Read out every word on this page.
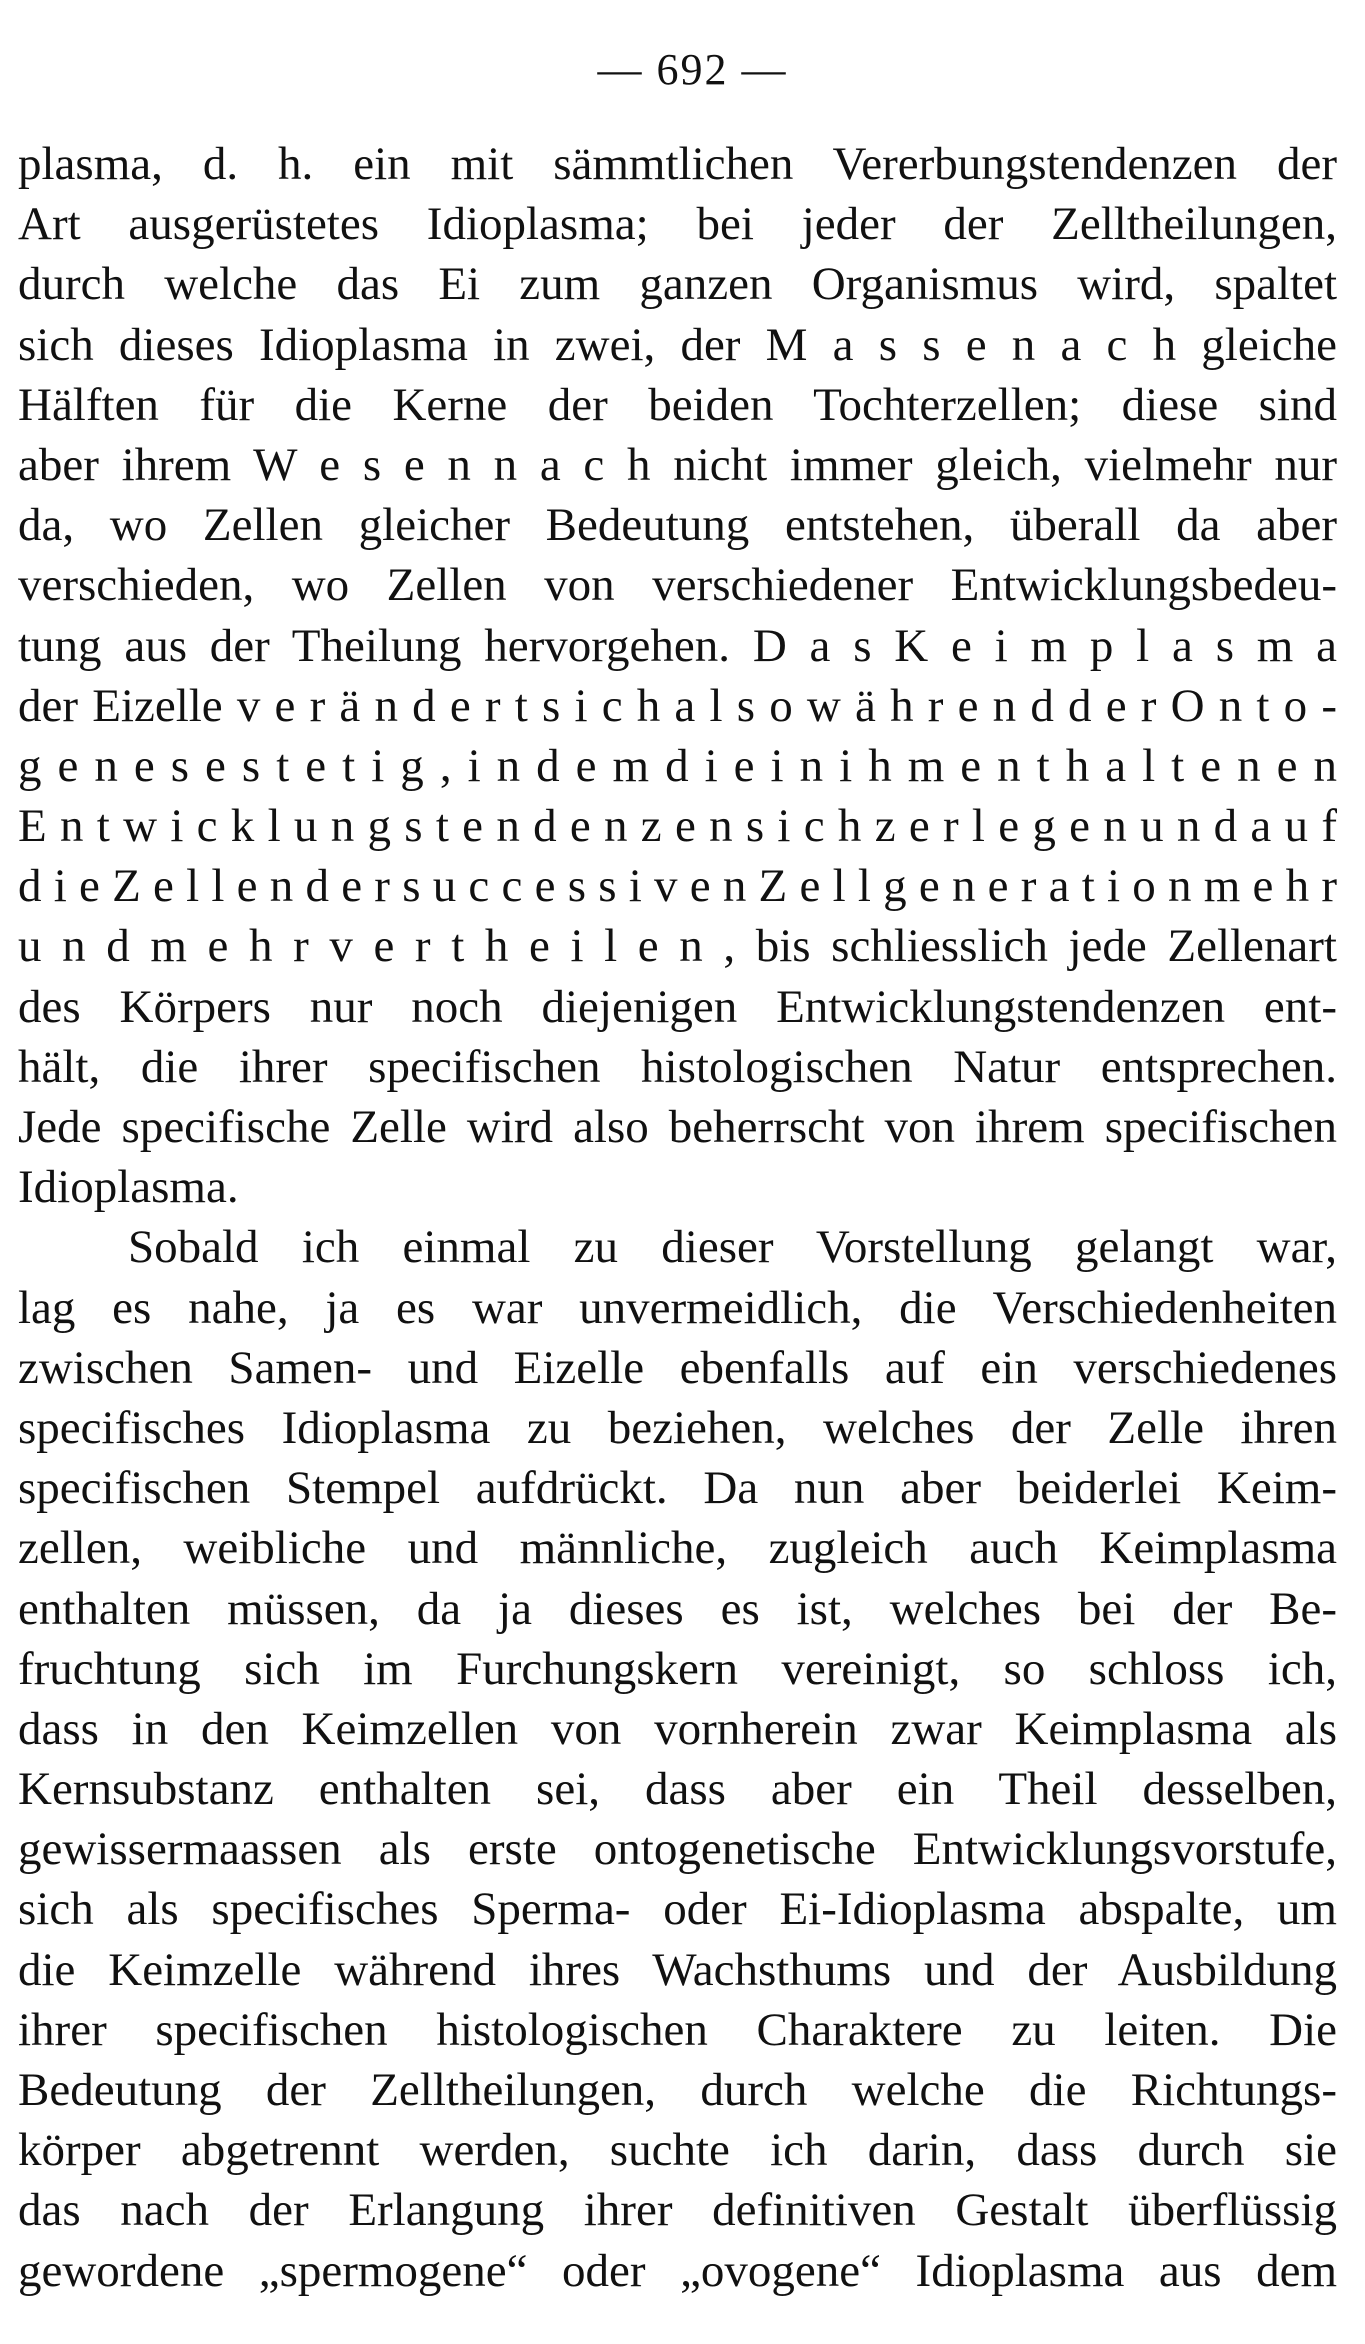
— 692 —
plasma, d. h. ein mit sämmtlichen Vererbungstendenzen der
Art ausgerüstetes Idioplasma; bei jeder der Zelltheilungen,
durch welche das Ei zum ganzen Organismus wird, spaltet
sich dieses Idioplasma in zwei, der M a s s e n a c h gleiche
Hälften für die Kerne der beiden Tochterzellen; diese sind
aber ihrem W e s e n n a c h nicht immer gleich, vielmehr nur
da, wo Zellen gleicher Bedeutung entstehen, überall da aber
verschieden, wo Zellen von verschiedener Entwicklungsbedeu-
tung aus der Theilung hervorgehen. D a s K e i m p l a s m a
der Eizelle v e r ä n d e r t s i c h a l s o w ä h r e n d d e r O n t o -
g e n e s e s t e t i g , i n d e m d i e i n i h m e n t h a l t e n e n
E n t w i c k l u n g s t e n d e n z e n s i c h z e r l e g e n u n d a u f
d i e Z e l l e n d e r s u c c e s s i v e n Z e l l g e n e r a t i o n m e h r
u n d m e h r v e r t h e i l e n , bis schliesslich jede Zellenart
des Körpers nur noch diejenigen Entwicklungstendenzen ent-
hält, die ihrer specifischen histologischen Natur entsprechen.
Jede specifische Zelle wird also beherrscht von ihrem specifischen
Idioplasma.
Sobald ich einmal zu dieser Vorstellung gelangt war,
lag es nahe, ja es war unvermeidlich, die Verschiedenheiten
zwischen Samen- und Eizelle ebenfalls auf ein verschiedenes
specifisches Idioplasma zu beziehen, welches der Zelle ihren
specifischen Stempel aufdrückt. Da nun aber beiderlei Keim-
zellen, weibliche und männliche, zugleich auch Keimplasma
enthalten müssen, da ja dieses es ist, welches bei der Be-
fruchtung sich im Furchungskern vereinigt, so schloss ich,
dass in den Keimzellen von vornherein zwar Keimplasma als
Kernsubstanz enthalten sei, dass aber ein Theil desselben,
gewissermaassen als erste ontogenetische Entwicklungsvorstufe,
sich als specifisches Sperma- oder Ei-Idioplasma abspalte, um
die Keimzelle während ihres Wachsthums und der Ausbildung
ihrer specifischen histologischen Charaktere zu leiten. Die
Bedeutung der Zelltheilungen, durch welche die Richtungs-
körper abgetrennt werden, suchte ich darin, dass durch sie
das nach der Erlangung ihrer definitiven Gestalt überflüssig
gewordene „spermogene“ oder „ovogene“ Idioplasma aus dem
